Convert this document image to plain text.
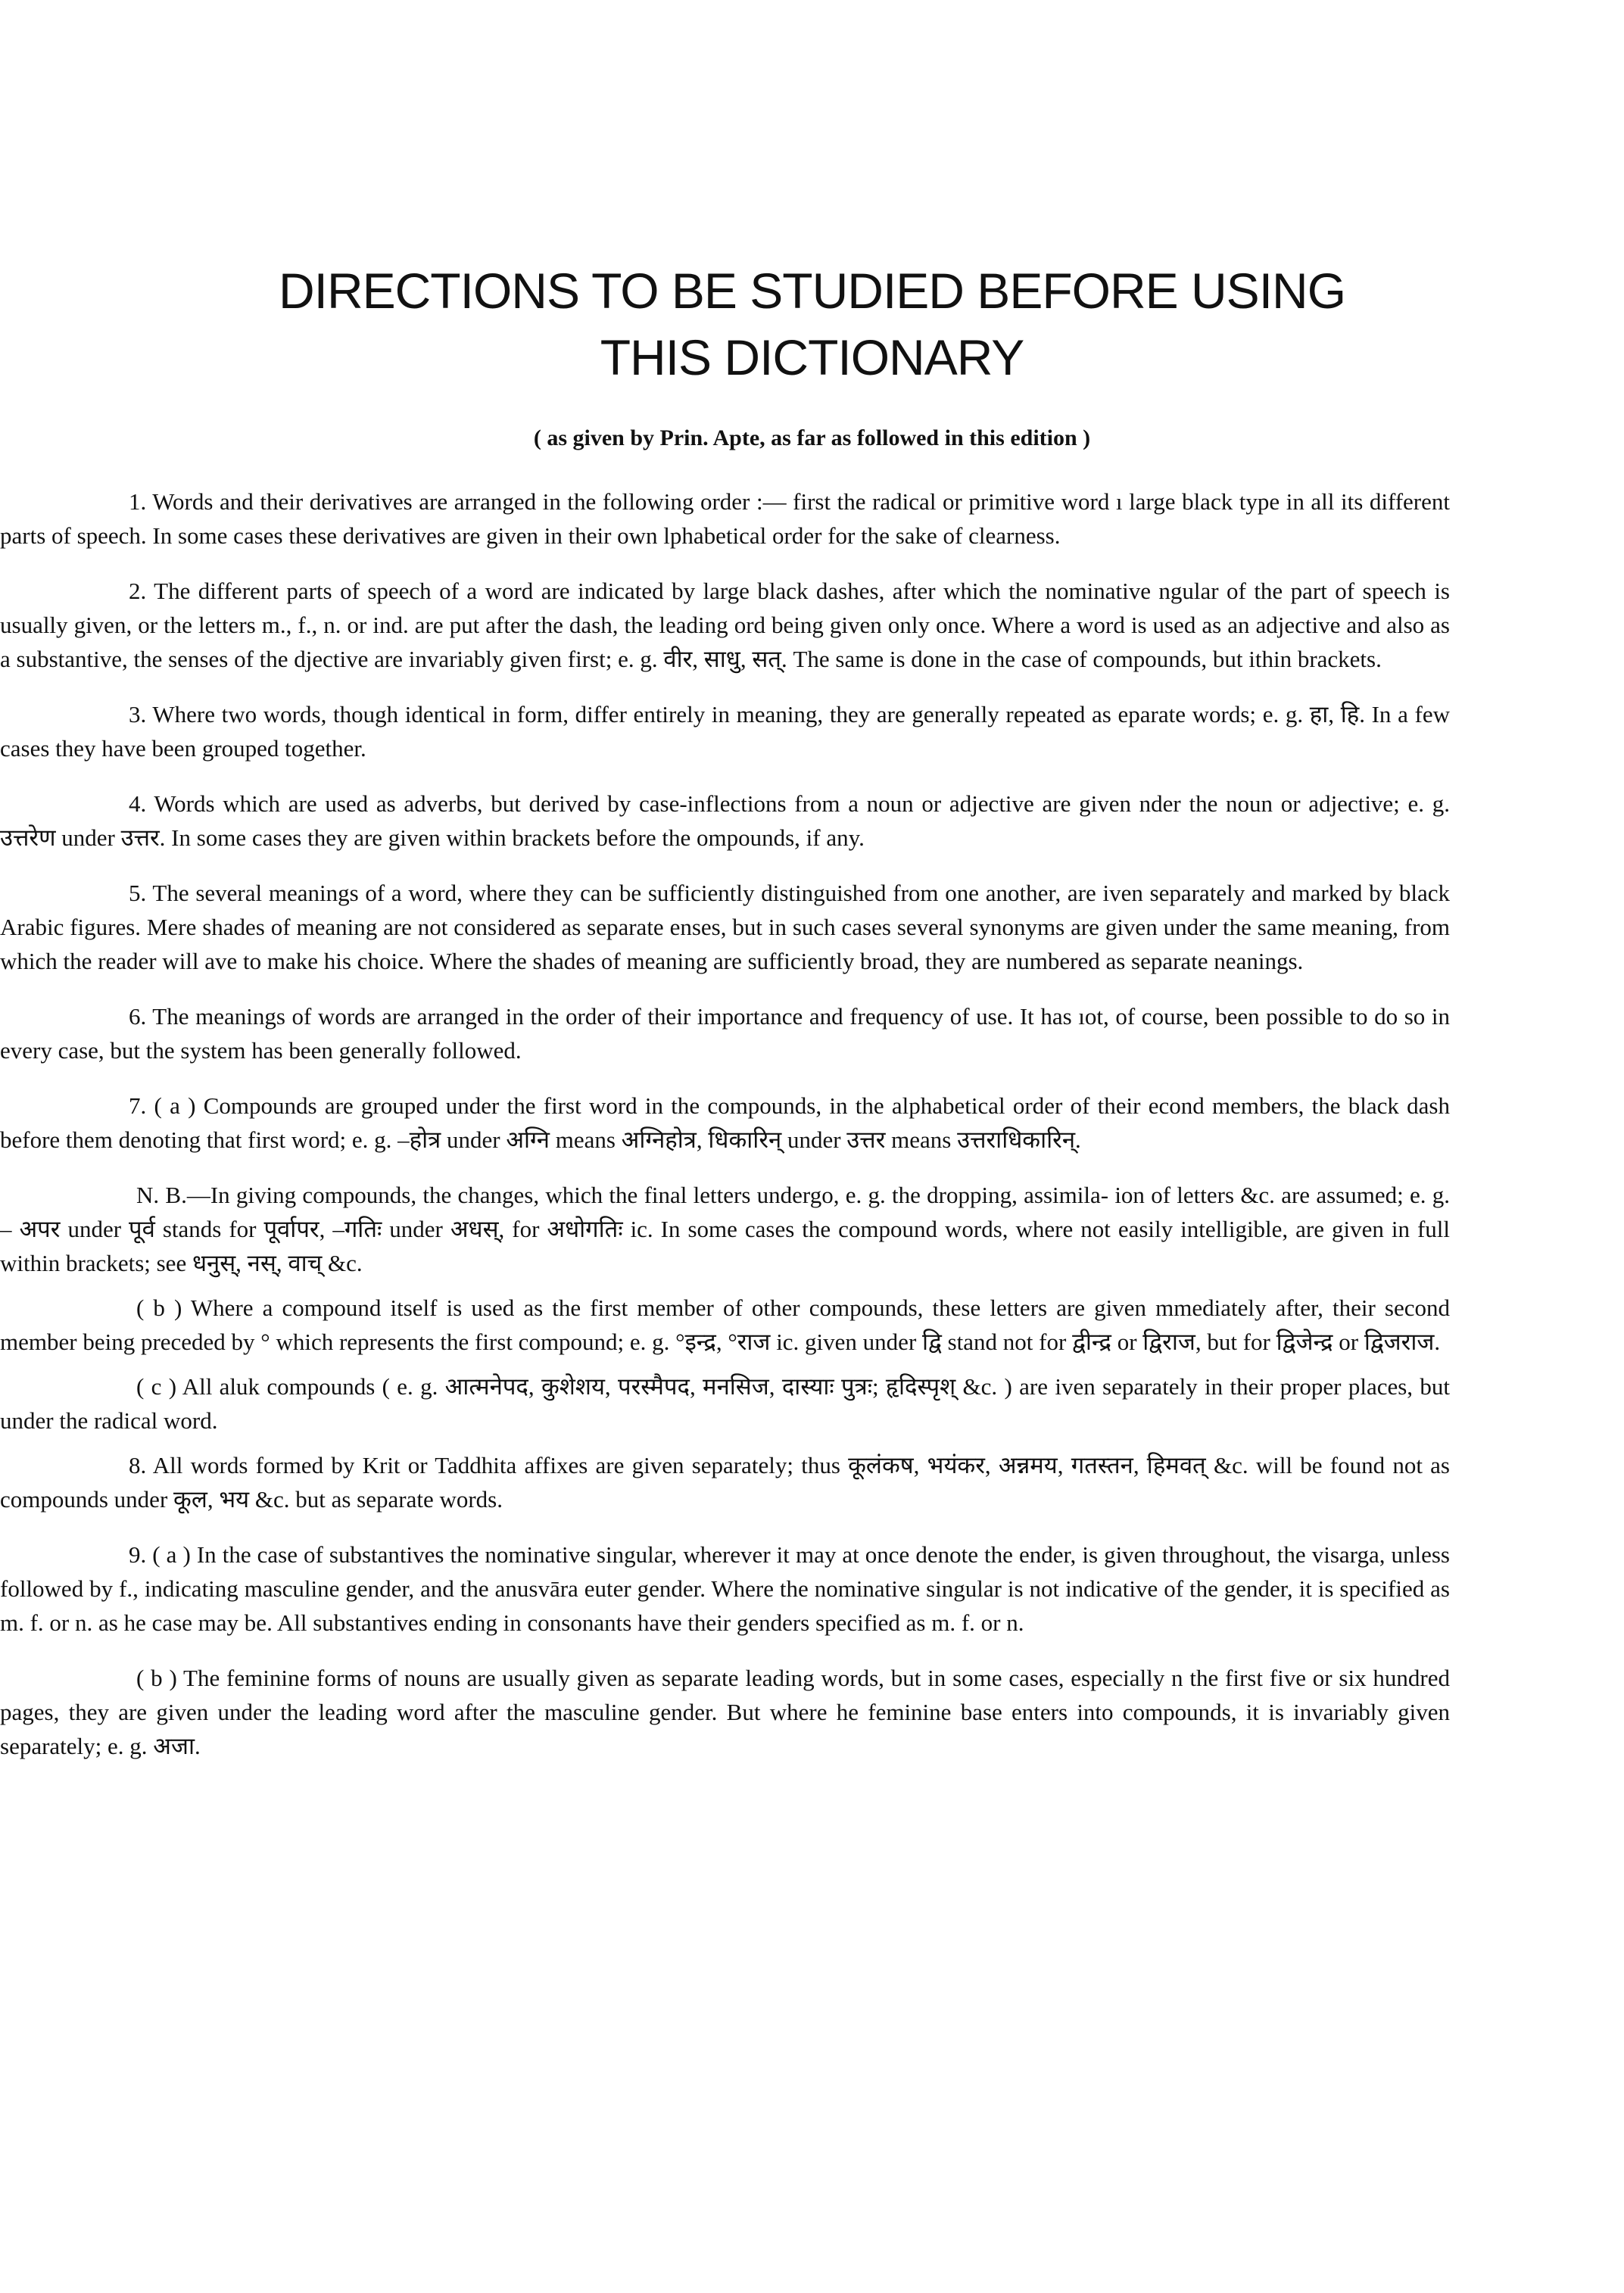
DIRECTIONS TO BE STUDIED BEFORE USING
THIS DICTIONARY
( as given by Prin. Apte, as far as followed in this edition )

1. Words and their derivatives are arranged in the following order :— first the radical or primitive word ı large black type in all its different parts of speech. In some cases these derivatives are given in their own lphabetical order for the sake of clearness.

2. The different parts of speech of a word are indicated by large black dashes, after which the nominative ngular of the part of speech is usually given, or the letters m., f., n. or ind. are put after the dash, the leading ord being given only once. Where a word is used as an adjective and also as a substantive, the senses of the djective are invariably given first; e. g. वीर, साधु, सत्. The same is done in the case of compounds, but ithin brackets.

3. Where two words, though identical in form, differ entirely in meaning, they are generally repeated as eparate words; e. g. हा, हि. In a few cases they have been grouped together.

4. Words which are used as adverbs, but derived by case-inflections from a noun or adjective are given nder the noun or adjective; e. g. उत्तरेण under उत्तर. In some cases they are given within brackets before the ompounds, if any.

5. The several meanings of a word, where they can be sufficiently distinguished from one another, are iven separately and marked by black Arabic figures. Mere shades of meaning are not considered as separate enses, but in such cases several synonyms are given under the same meaning, from which the reader will ave to make his choice. Where the shades of meaning are sufficiently broad, they are numbered as separate neanings.

6. The meanings of words are arranged in the order of their importance and frequency of use. It has ıot, of course, been possible to do so in every case, but the system has been generally followed.

7. ( a ) Compounds are grouped under the first word in the compounds, in the alphabetical order of their econd members, the black dash before them denoting that first word; e. g. –होत्र under अग्नि means अग्निहोत्र, धिकारिन् under उत्तर means उत्तराधिकारिन्.

N. B.—In giving compounds, the changes, which the final letters undergo, e. g. the dropping, assimila- ion of letters &c. are assumed; e. g. – अपर under पूर्व stands for पूर्वापर, –गतिः under अधस्, for अधोगतिः ic. In some cases the compound words, where not easily intelligible, are given in full within brackets; see धनुस्, नस्, वाच् &c.

( b ) Where a compound itself is used as the first member of other compounds, these letters are given mmediately after, their second member being preceded by ° which represents the first compound; e. g. °इन्द्र, °राज ic. given under द्वि stand not for द्वीन्द्र or द्विराज, but for द्विजेन्द्र or द्विजराज.

( c ) All aluk compounds ( e. g. आत्मनेपद, कुशेशय, परस्मैपद, मनसिज, दास्याः पुत्रः; हृदिस्पृश् &c. ) are iven separately in their proper places, but under the radical word.

8. All words formed by Krit or Taddhita affixes are given separately; thus कूलंकष, भयंकर, अन्नमय, गतस्तन, हिमवत् &c. will be found not as compounds under कूल, भय &c. but as separate words.

9. ( a ) In the case of substantives the nominative singular, wherever it may at once denote the ender, is given throughout, the visarga, unless followed by f., indicating masculine gender, and the anusvāra euter gender. Where the nominative singular is not indicative of the gender, it is specified as m. f. or n. as he case may be. All substantives ending in consonants have their genders specified as m. f. or n.

( b ) The feminine forms of nouns are usually given as separate leading words, but in some cases, especially n the first five or six hundred pages, they are given under the leading word after the masculine gender. But where he feminine base enters into compounds, it is invariably given separately; e. g. अजा.
